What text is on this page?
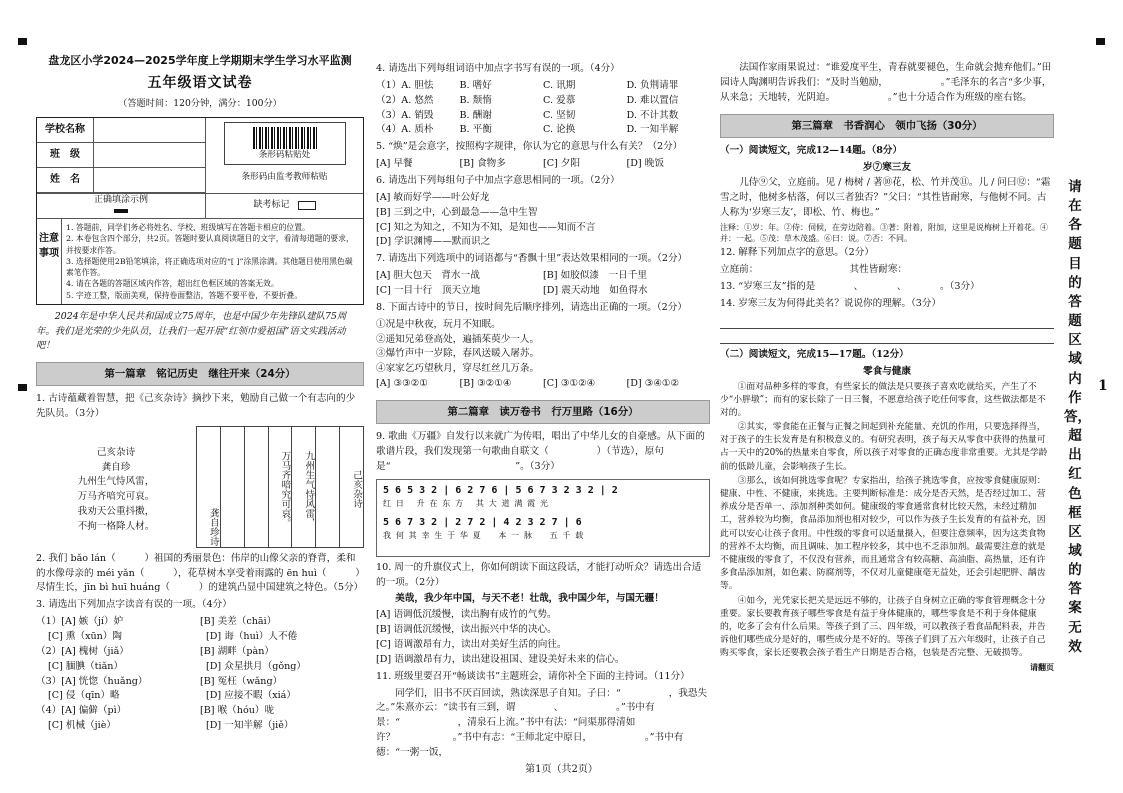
1
盘龙区小学2024—2025学年度上学期期末学生学习水平监测
五年级语文试卷
（答题时间：120分钟，满分：100分）
学校名称
班　级
姓　名
条形码粘贴处
条形码由监考教师粘贴
正确填涂示例
缺考标记
注意事项
1. 答题前，同学们务必将姓名、学校、班级填写在答题卡相应的位置。
2. 本卷包含四个部分，共2页。答题时要认真阅读题目的文字，看清每道题的要求，并按要求作答。
3. 选择题使用2B铅笔填涂，将正确选项对应的“[ ]”涂黑涂满。其他题目使用黑色碳素笔作答。
4. 请在各题的答题区域内作答，超出红色框区域的答案无效。
5. 字迹工整，版面美观，保持卷面整洁，答题不要平卷，不要折叠。
2024年是中华人民共和国成立75周年，也是中国少年先锋队建队75周年。我们是光荣的少先队员，让我们一起开展“红领巾爱祖国”语文实践活动吧！
第一篇章　铭记历史　继往开来（24分）
1. 古诗蕴藏着智慧，把《己亥杂诗》摘抄下来，勉励自己做一个有志向的少先队员。（3分）
己亥杂诗
龚自珍
九州生气恃风雷，
万马齐喑究可哀。
我劝天公重抖擞，
不拘一格降人材。	龚自珍诗	万马齐喑究可哀。	九州生气恃风雷，	己亥杂诗
2. 我们 bǎo lán（　　　）祖国的秀丽景色：伟岸的山像父亲的脊背，柔和的水像母亲的 méi yǎn（　　　），花草树木享受着雨露的 ēn huì（　　　）尽情生长，jīn bì huī huáng（　　　）的建筑凸显中国建筑之特色。（5分）
3. 请选出下列加点字读音有误的一项。（4分）
（1）[A] 嫉（jí）妒	[B] 美差（chāi）
[C] 熏（xūn）陶	[D] 诲（huì）人不倦
（2）[A] 槐树（jiǎ）	[B] 湖畔（pàn）
[C] 腼腆（tiǎn）	[D] 众星拱月（gǒng）
（3）[A] 恍惚（huǎng）	[B] 冤枉（wǎng）
[C] 侵（qīn）略	[D] 应接不暇（xiá）
（4）[A] 偏僻（pì）	[B] 喉（hóu）咙
[C] 机械（jiè）	[D] 一知半解（jiě）
4. 请选出下列每组词语中加点字书写有误的一项。（4分）
（1）A. 胆怯	B. 嗜好	C. 讯期	D. 负荆请罪
（2）A. 悠然	B. 颓惰	C. 爱慕	D. 难以置信
（3）A. 销毁	B. 酬谢	C. 坚韧	D. 不计其数
（4）A. 质朴	B. 平衡	C. 论换	D. 一知半解
5. “焕”是会意字，按照构字规律，你认为它的意思与什么有关？（2分）
[A] 早餐	[B] 食物多	[C] 夕阳	[D] 晚饭
6. 请选出下列每组句子中加点字意思相同的一项。（2分）
[A] 敏而好学——叶公好龙
[B] 三到之中，心到最急——急中生智
[C] 知之为知之，不知为不知，是知也——知而不言
[D] 学识渊博——默而识之
7. 请选出下列选项中的词语都与“香飘十里”表达效果相同的一项。（2分）
[A] 胆大包天　背水一战	[B] 如胶似漆　一日千里
[C] 一目十行　顶天立地	[D] 震天动地　如鱼得水
8. 下面古诗中的节日，按时间先后顺序排列，请选出正确的一项。（2分）
①况是中秋夜，玩月不知眠。
②遥知兄弟登高处，遍插茱萸少一人。
③爆竹声中一岁除，春风送暖入屠苏。
④家家乞巧望秋月，穿尽红丝几万条。
[A] ③③②①	[B] ③②①④	[C] ③①②④	[D] ③④①②
第二篇章　读万卷书　行万里路（16分）
9. 歌曲《万疆》自发行以来就广为传唱，唱出了中华儿女的自豪感。从下面的歌谱片段，我们发现第一句歌曲自联文（　　　　　）（节选），原句是“　　　　　　　　　　　　　”。（3分）
5 6 5 3 2 | 6 2 7 6 | 5 6 7 3 2 3 2 | 2
红 日 　升 在 东 方 　其 大 道 满 霞 光
5 6 7 3 2 | 2 7 2 | 4 2 3 2 7 | 6
我 何 其 幸 生 于 华 夏 　 本 一 脉 　 五 千 载
10. 周一的升旗仪式上，你如何朗读下面这段话，才能打动听众？请选出合适的一项。（2分）
美哉，我少年中国，与天不老！壮哉，我中国少年，与国无疆！
[A] 语调低沉缓慢，读出胸有成竹的气势。
[B] 语调低沉缓慢，读出振兴中华的决心。
[C] 语调激昂有力，读出对美好生活的向往。
[D] 语调激昂有力，读出建设祖国、建设美好未来的信心。
11. 班级里要召开“畅谈读书”主题班会，请你补全下面的主持词。（11分）
同学们，旧书不厌百回读，熟读深思子自知。子曰：“　　　　　，我恐失之。”朱熹亦云：“读书有三到，谓　　　　、　　　　　　。”书中有景：“　　　　　　，清泉石上流。”书中有法：“问渠那得清如许？　　　　　　。”书中有志：“王师北定中原日，　　　　　　。”书中有德：“一粥一饭，
法国作家雨果说过：“谁爱度平生，青春就要褪色，生命就会抛弃他们。”田园诗人陶渊明告诉我们：“及时当勉励，　　　　　　。”毛泽东的名言“多少事，从来急；天地转，光阴迫。　　　　　　。”也十分适合作为班级的座右铭。
第三篇章　书香润心　领巾飞扬（30分）
（一）阅读短文，完成12—14题。（8分）
岁⑦寒三友
儿侍⑨父，立庭前。见 / 梅树 / 著⑩花，松、竹并茂⑪。儿 / 问曰⑫：“霜雪之时，他树多枯落，何以三者独否？”父曰：“其性皆耐寒，与他树不同。古人称为‘岁寒三友’，即松、竹、梅也。”
注释：①岁：年。②侍：伺候，在旁边陪着。③著：附着，附加，这里是说梅树上开着花。④并：一起。⑤茂：草木茂盛。⑥曰：说。⑦否：不同。
12. 解释下列加点字的意思。（2分）
立庭前：　　　　　　　　　　其性皆耐寒：　　　　　　　　　
13. “岁寒三友”指的是　　　　、　　　　、　　　　。（3分）
14. 岁寒三友为何得此美名？说说你的理解。（3分）
（二）阅读短文，完成15—17题。（12分）
零食与健康
①面对品种多样的零食，有些家长的做法是只要孩子喜欢吃就给买，产生了不少“小胖墩”；而有的家长除了一日三餐，不愿意给孩子吃任何零食，这些做法都是不对的。
②其实，零食能在正餐与正餐之间起到补充能量、充饥的作用，只要选择得当，对于孩子的生长发育是有积极意义的。有研究表明，孩子每天从零食中获得的热量可占一天中的20%的热量来自零食，所以孩子对零食的正确态度非常重要。尤其是学龄前的低龄儿童，会影响孩子生长。
③那么，该如何挑选零食呢？专家指出，给孩子挑选零食，应按零食健康原则：健康、中性、不健康，来挑选。主要判断标准是：成分是否天然，是否经过加工、营养成分是否单一、添加剂种类如何。健康级的零食通常食材比较天然，未经过精加工，营养较为均衡，食品添加剂也相对较少，可以作为孩子生长发育的有益补充，因此可以安心让孩子食用。中性级的零食可以适量摄入，但要注意频率，因为这类食物的营养不太均衡，而且调味、加工程序较多，其中也不乏添加剂。最需要注意的就是不健康级的零食了，不仅没有营养，而且通常含有较高糖、高油脂、高热量，还有许多食品添加剂，如色素、防腐剂等，不仅对儿童健康毫无益处，还会引起肥胖、龋齿等。
④如今，光凭家长把关是远远不够的，让孩子自身树立正确的零食管理概念十分重要。家长要教育孩子哪些零食是有益于身体健康的，哪些零食是不利于身体健康的，吃多了会有什么后果。等孩子到了三、四年级，可以教孩子看食品配料表，并告诉他们哪些成分是好的，哪些成分是不好的。等孩子们到了五六年级时，让孩子自己购买零食，家长还要教会孩子看生产日期是否合格，包装是否完整、无破损等。
请翻页
请在各题目的答题区域内作答，超出红色框区域的答案无效
第1页（共2页）
